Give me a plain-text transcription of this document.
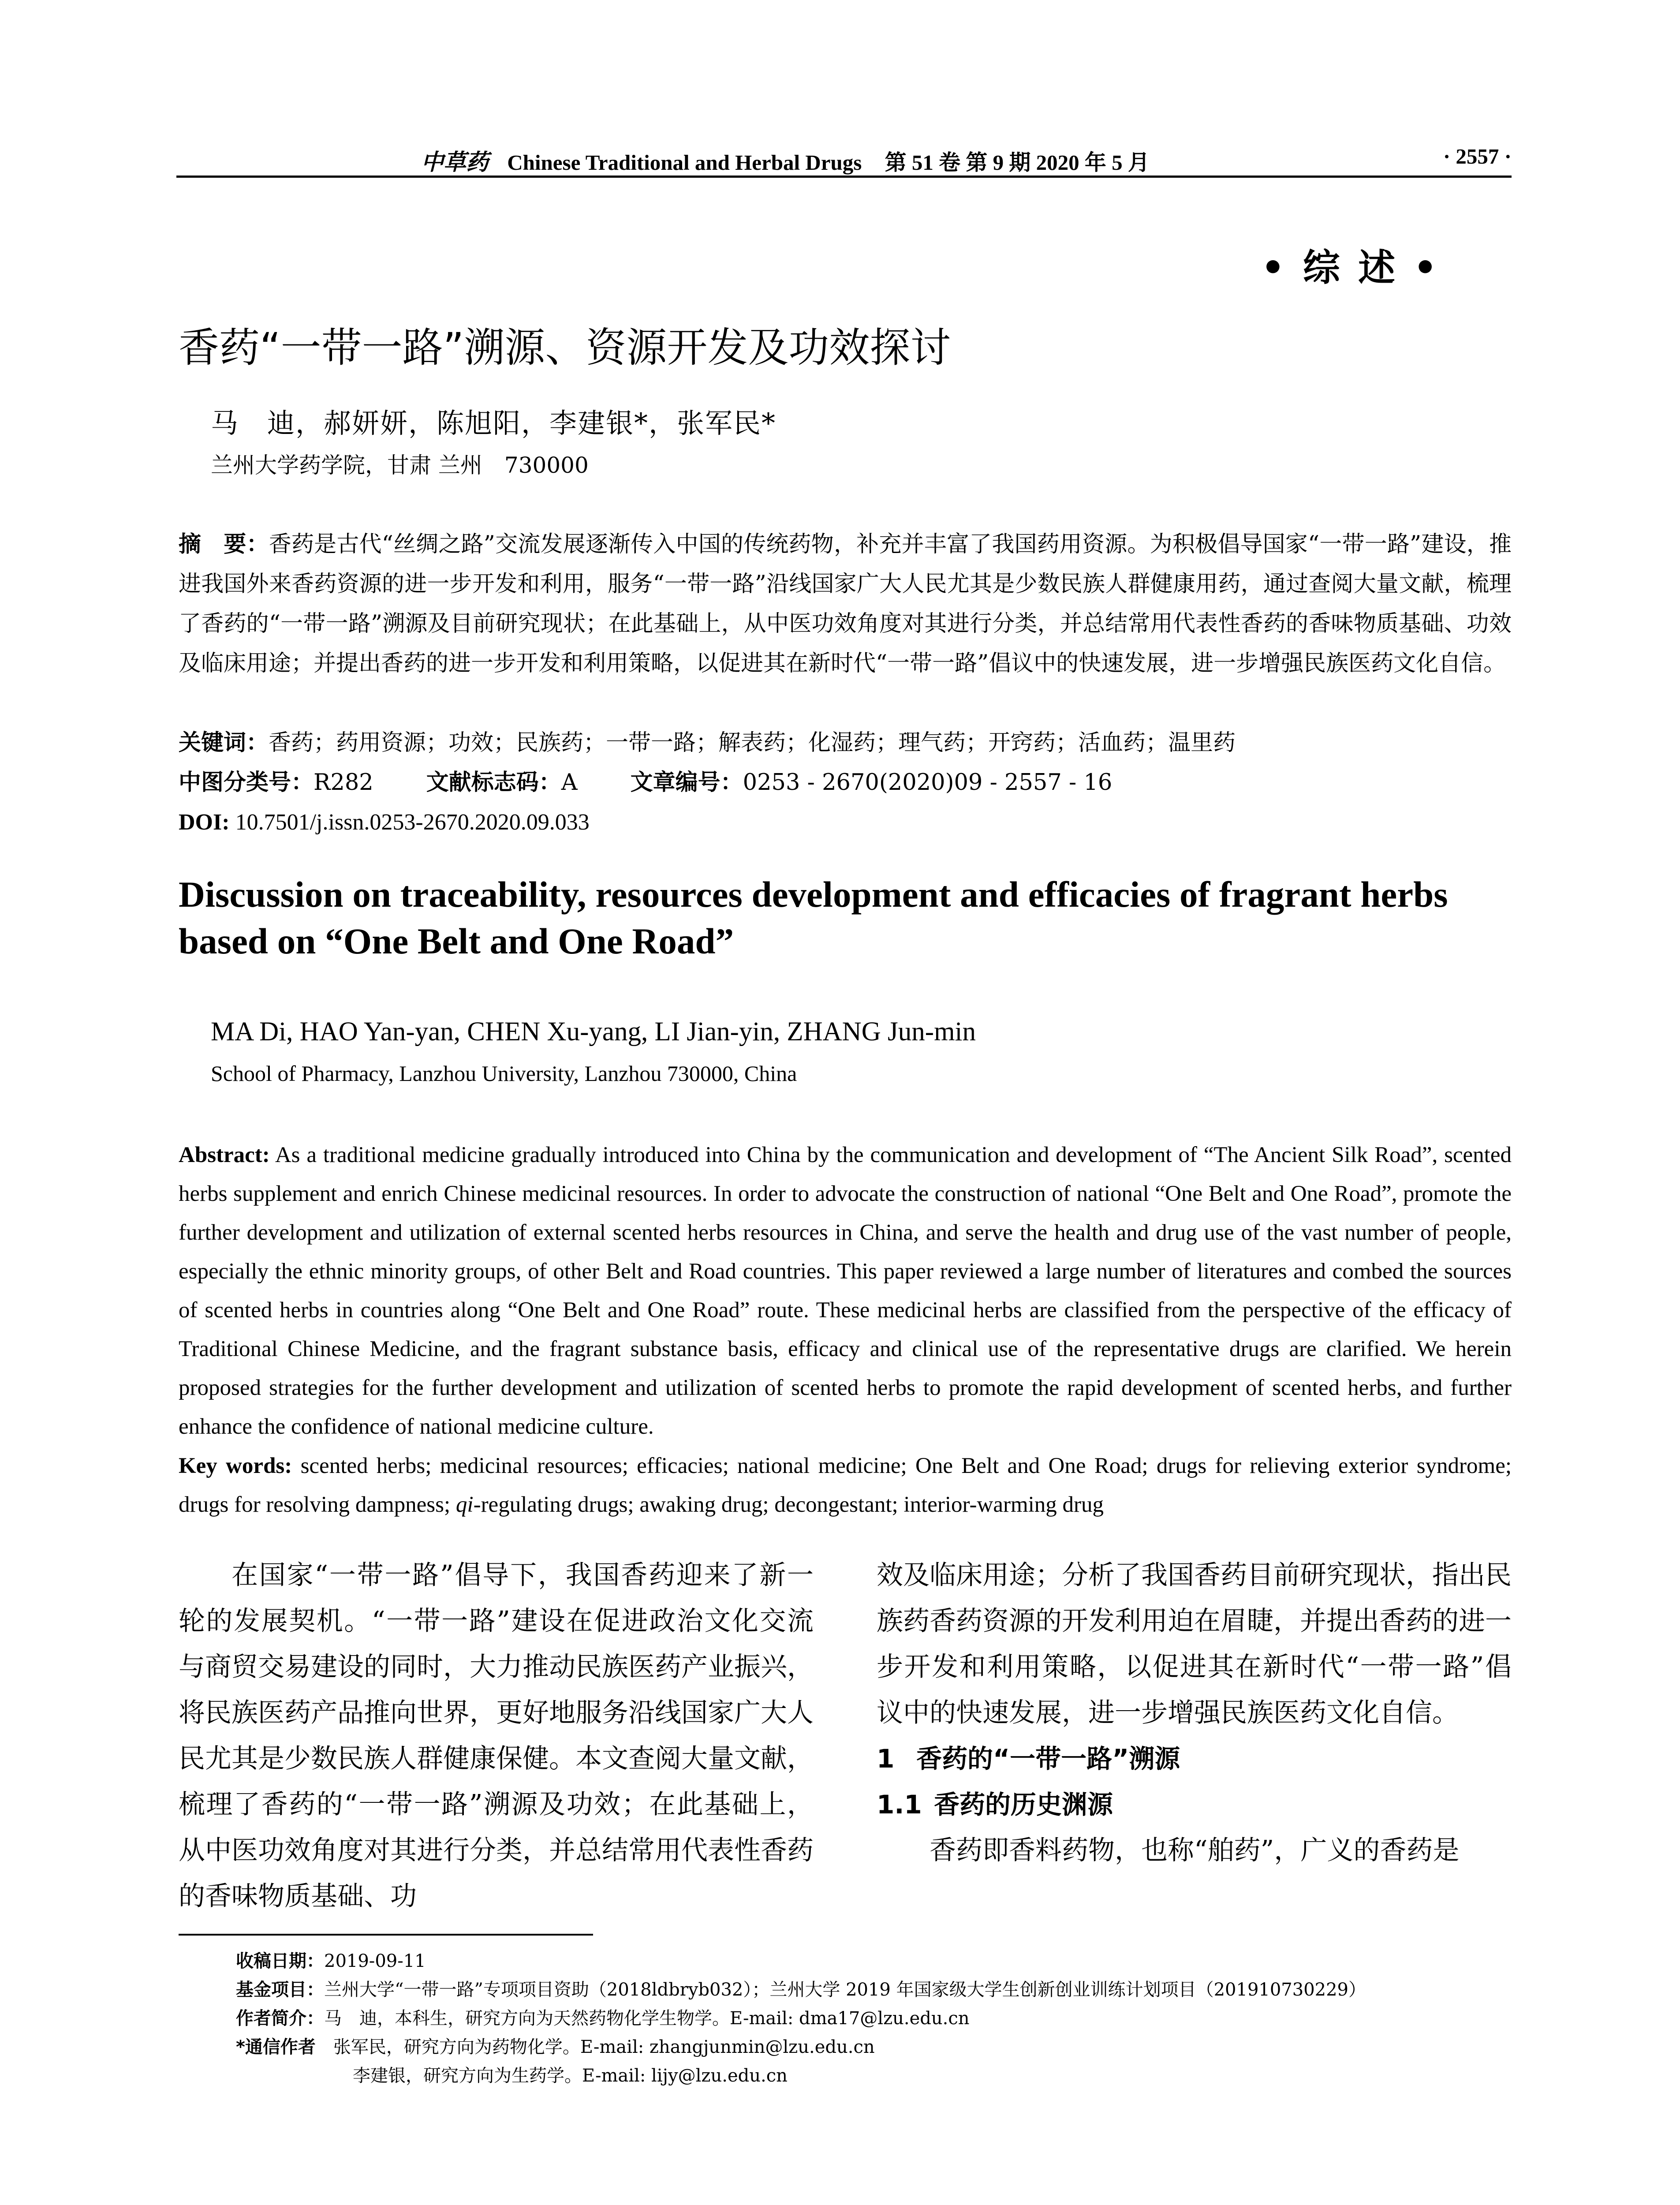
中草药 Chinese Traditional and Herbal Drugs 第 51 卷 第 9 期 2020 年 5 月	· 2557 ·
• 综 述 •
香药“一带一路”溯源、资源开发及功效探讨
马　迪，郝妍妍，陈旭阳，李建银*，张军民*
兰州大学药学院，甘肃 兰州　730000
摘　要：香药是古代“丝绸之路”交流发展逐渐传入中国的传统药物，补充并丰富了我国药用资源。为积极倡导国家“一带一路”建设，推进我国外来香药资源的进一步开发和利用，服务“一带一路”沿线国家广大人民尤其是少数民族人群健康用药，通过查阅大量文献，梳理了香药的“一带一路”溯源及目前研究现状；在此基础上，从中医功效角度对其进行分类，并总结常用代表性香药的香味物质基础、功效及临床用途；并提出香药的进一步开发和利用策略，以促进其在新时代“一带一路”倡议中的快速发展，进一步增强民族医药文化自信。
关键词：香药；药用资源；功效；民族药；一带一路；解表药；化湿药；理气药；开窍药；活血药；温里药
中图分类号：R282 文献标志码：A 文章编号：0253 - 2670(2020)09 - 2557 - 16
DOI: 10.7501/j.issn.0253-2670.2020.09.033
Discussion on traceability, resources development and efficacies of fragrant herbs based on “One Belt and One Road”
MA Di, HAO Yan-yan, CHEN Xu-yang, LI Jian-yin, ZHANG Jun-min
School of Pharmacy, Lanzhou University, Lanzhou 730000, China
Abstract: As a traditional medicine gradually introduced into China by the communication and development of “The Ancient Silk Road”, scented herbs supplement and enrich Chinese medicinal resources. In order to advocate the construction of national “One Belt and One Road”, promote the further development and utilization of external scented herbs resources in China, and serve the health and drug use of the vast number of people, especially the ethnic minority groups, of other Belt and Road countries. This paper reviewed a large number of literatures and combed the sources of scented herbs in countries along “One Belt and One Road” route. These medicinal herbs are classified from the perspective of the efficacy of Traditional Chinese Medicine, and the fragrant substance basis, efficacy and clinical use of the representative drugs are clarified. We herein proposed strategies for the further development and utilization of scented herbs to promote the rapid development of scented herbs, and further enhance the confidence of national medicine culture.
Key words: scented herbs; medicinal resources; efficacies; national medicine; One Belt and One Road; drugs for relieving exterior syndrome; drugs for resolving dampness; qi-regulating drugs; awaking drug; decongestant; interior-warming drug

在国家“一带一路”倡导下，我国香药迎来了新一轮的发展契机。“一带一路”建设在促进政治文化交流与商贸交易建设的同时，大力推动民族医药产业振兴，将民族医药产品推向世界，更好地服务沿线国家广大人民尤其是少数民族人群健康保健。本文查阅大量文献，梳理了香药的“一带一路”溯源及功效；在此基础上，从中医功效角度对其进行分类，并总结常用代表性香药的香味物质基础、功

效及临床用途；分析了我国香药目前研究现状，指出民族药香药资源的开发利用迫在眉睫，并提出香药的进一步开发和利用策略，以促进其在新时代“一带一路”倡议中的快速发展，进一步增强民族医药文化自信。

1 香药的“一带一路”溯源

1.1 香药的历史渊源

香药即香料药物，也称“舶药”，广义的香药是

收稿日期：2019-09-11
基金项目：兰州大学“一带一路”专项项目资助（2018ldbryb032）；兰州大学 2019 年国家级大学生创新创业训练计划项目（201910730229）
作者简介：马　迪，本科生，研究方向为天然药物化学生物学。E-mail: dma17@lzu.edu.cn
*通信作者 张军民，研究方向为药物化学。E-mail: zhangjunmin@lzu.edu.cn
李建银，研究方向为生药学。E-mail: lijy@lzu.edu.cn
